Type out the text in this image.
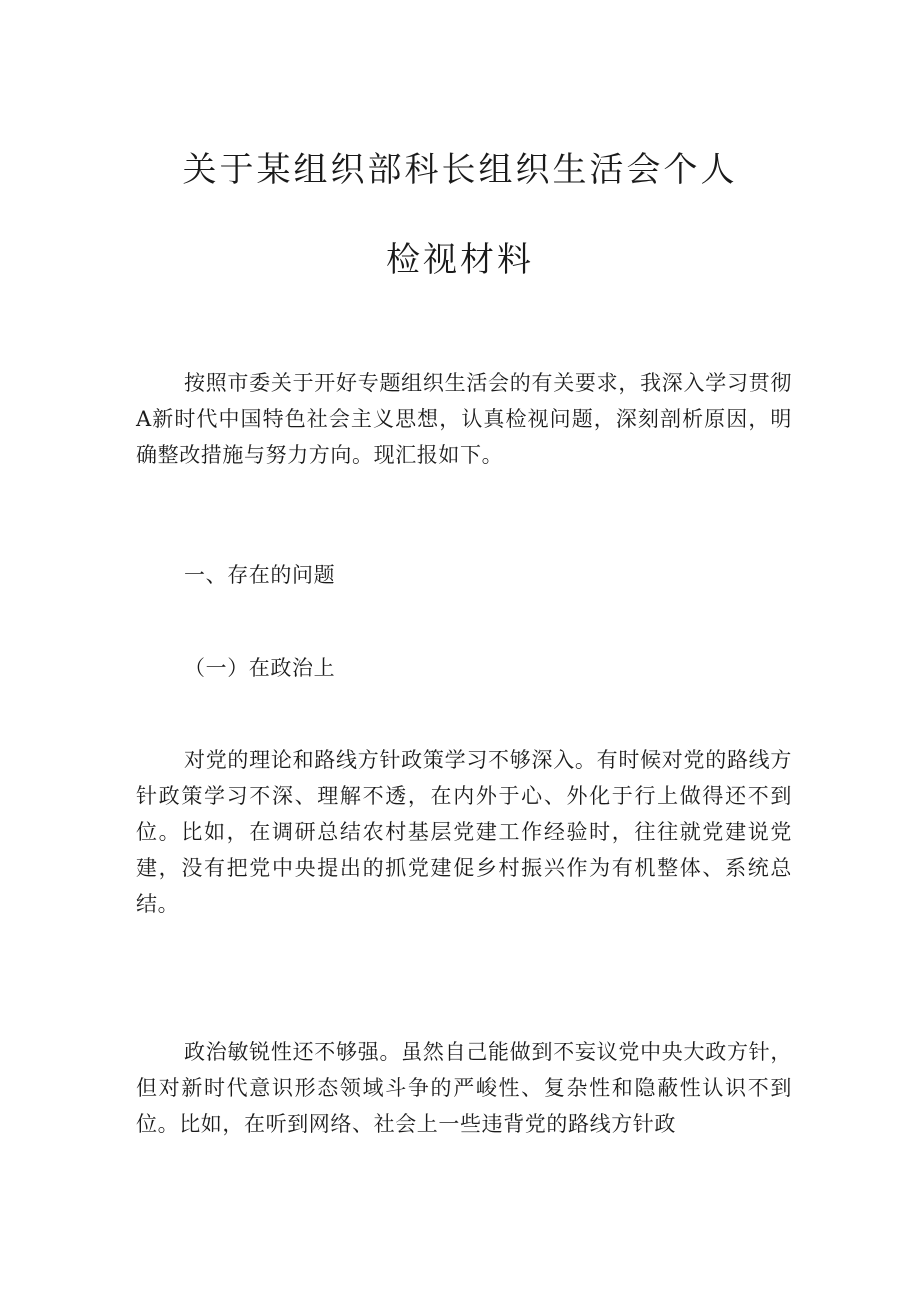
关于某组织部科长组织生活会个人
检视材料

按照市委关于开好专题组织生活会的有关要求，我深入学习贯彻A新时代中国特色社会主义思想，认真检视问题，深刻剖析原因，明确整改措施与努力方向。现汇报如下。

一、存在的问题
（一）在政治上

对党的理论和路线方针政策学习不够深入。有时候对党的路线方针政策学习不深、理解不透，在内外于心、外化于行上做得还不到位。比如，在调研总结农村基层党建工作经验时，往往就党建说党建，没有把党中央提出的抓党建促乡村振兴作为有机整体、系统总结。

政治敏锐性还不够强。虽然自己能做到不妄议党中央大政方针，但对新时代意识形态领域斗争的严峻性、复杂性和隐蔽性认识不到位。比如，在听到网络、社会上一些违背党的路线方针政
